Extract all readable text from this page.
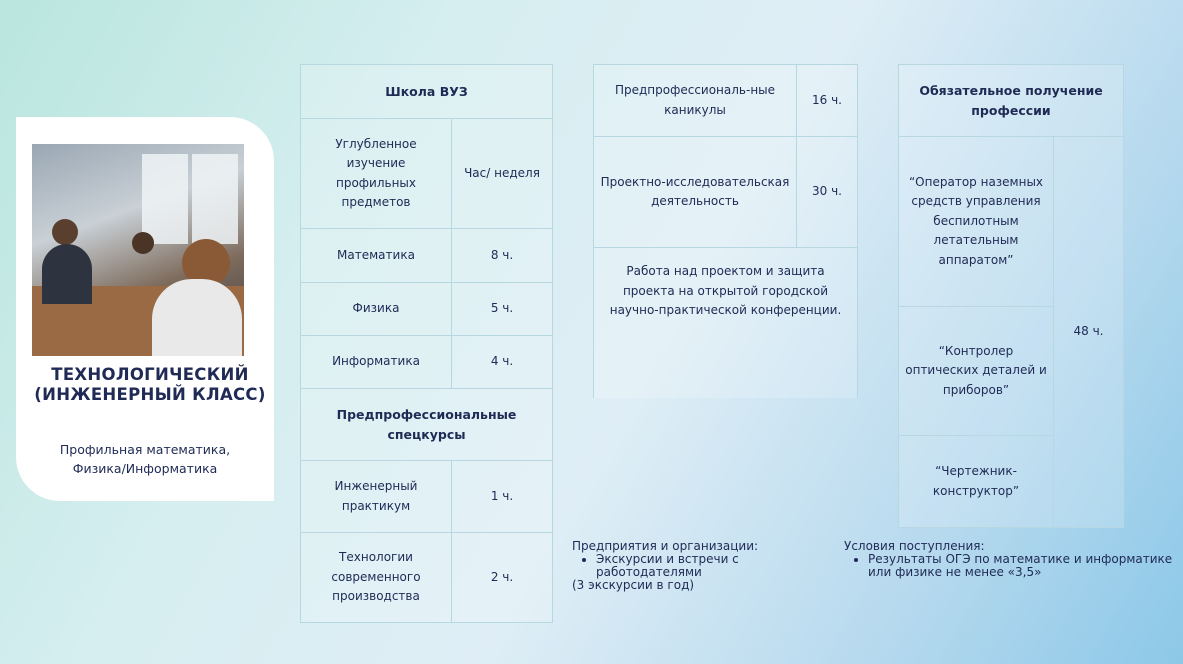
ТЕХНОЛОГИЧЕСКИЙ (ИНЖЕНЕРНЫЙ КЛАСС)
Профильная математика,
Физика/Информатика
Школа ВУЗ	
Углубленное изучение профильных предметов	Час/ неделя
Математика	8 ч.
Физика	5 ч.
Информатика	4 ч.
Предпрофессиональные спецкурсы	
Инженерный практикум	1 ч.
Технологии современного производства	2 ч.
Предпрофессиональ-ные каникулы	16 ч.
Проектно-исследовательская деятельность	30 ч.
Работа над проектом и защита проекта на открытой городской научно-практической конференции.	
Обязательное получение профессии
“Оператор наземных средств управления беспилотным летательным аппаратом”	48 ч.
“Контролер оптических деталей и приборов”
“Чертежник-конструктор”
Предприятия и организации:
• Экскурсии и встречи с работодателями
(3 экскурсии в год)
Условия поступления:
• Результаты ОГЭ по математике и информатике или физике не менее «3,5»
